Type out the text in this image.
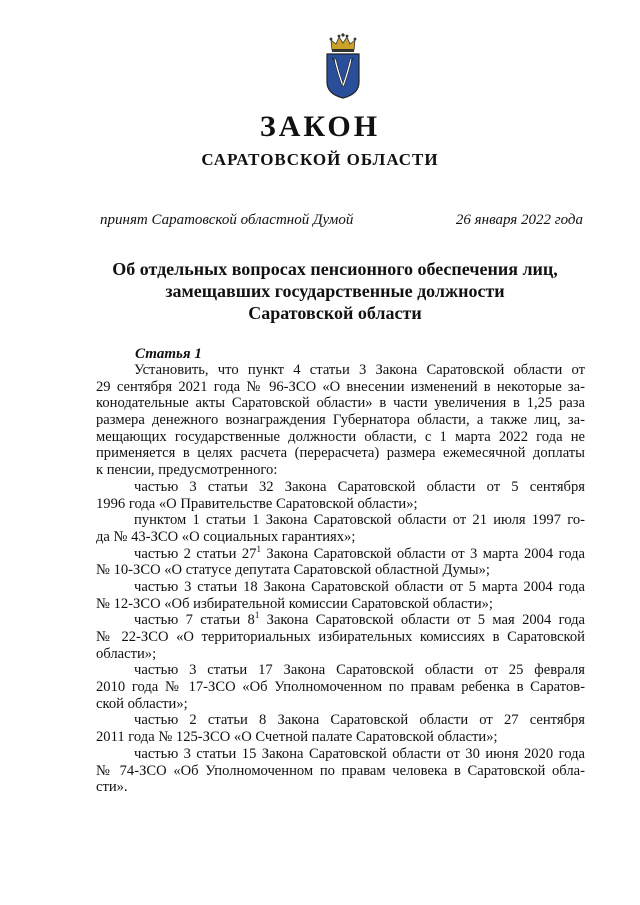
ЗАКОН
САРАТОВСКОЙ ОБЛАСТИ
принят Саратовской областной Думой	26 января 2022 года
Об отдельных вопросах пенсионного обеспечения лиц,
замещавших государственные должности
Саратовской области
Статья 1
Установить, что пункт 4 статьи 3 Закона Саратовской области от
29 сентября 2021 года № 96-ЗСО «О внесении изменений в некоторые за-
конодательные акты Саратовской области» в части увеличения в 1,25 раза
размера денежного вознаграждения Губернатора области, а также лиц, за-
мещающих государственные должности области, с 1 марта 2022 года не
применяется в целях расчета (перерасчета) размера ежемесячной доплаты
к пенсии, предусмотренного:
частью 3 статьи 32 Закона Саратовской области от 5 сентября
1996 года «О Правительстве Саратовской области»;
пунктом 1 статьи 1 Закона Саратовской области от 21 июля 1997 го-
да № 43-ЗСО «О социальных гарантиях»;
частью 2 статьи $27^1$ Закона Саратовской области от 3 марта 2004 года
№ 10-ЗСО «О статусе депутата Саратовской областной Думы»;
частью 3 статьи 18 Закона Саратовской области от 5 марта 2004 года
№ 12-ЗСО «Об избирательной комиссии Саратовской области»;
частью 7 статьи $8^1$ Закона Саратовской области от 5 мая 2004 года
№ 22-ЗСО «О территориальных избирательных комиссиях в Саратовской
области»;
частью 3 статьи 17 Закона Саратовской области от 25 февраля
2010 года № 17-ЗСО «Об Уполномоченном по правам ребенка в Саратов-
ской области»;
частью 2 статьи 8 Закона Саратовской области от 27 сентября
2011 года № 125-ЗСО «О Счетной палате Саратовской области»;
частью 3 статьи 15 Закона Саратовской области от 30 июня 2020 года
№ 74-ЗСО «Об Уполномоченном по правам человека в Саратовской обла-
сти».
